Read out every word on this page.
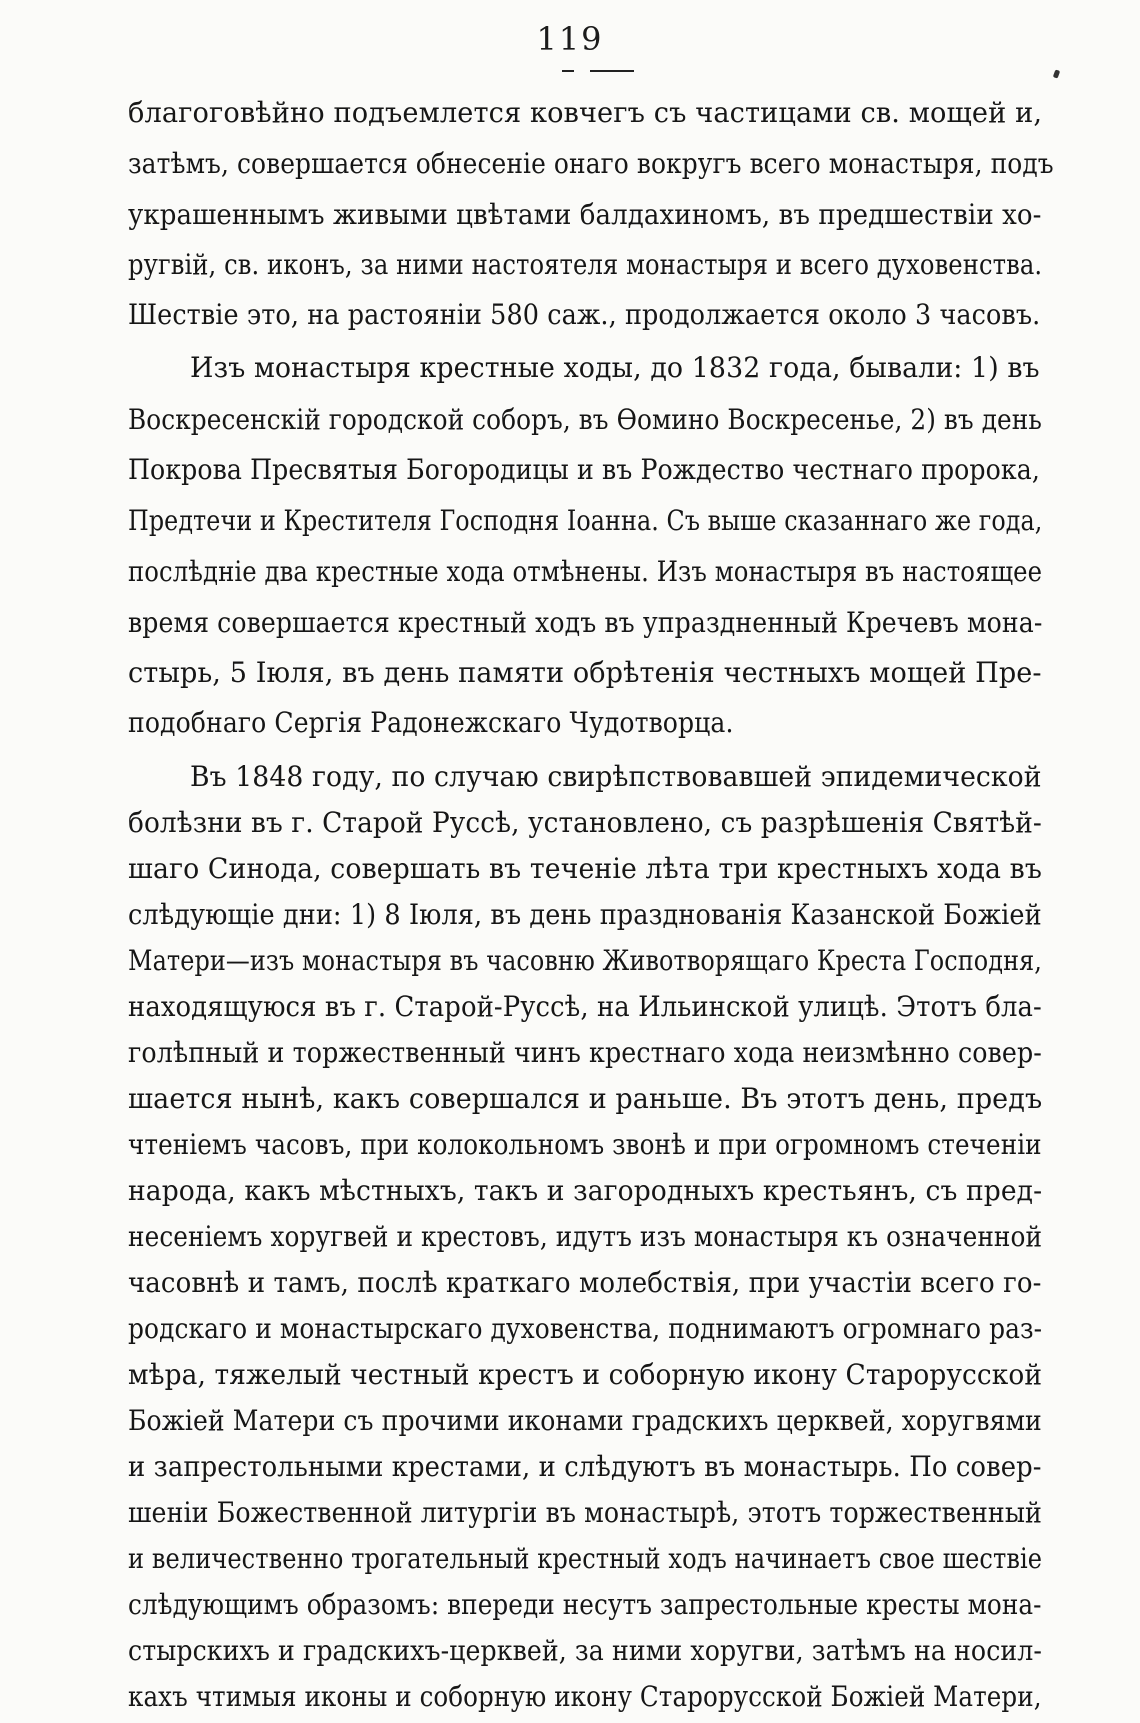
119
благоговѣйно подъемлется ковчегъ съ частицами св. мощей и,
затѣмъ, совершается обнесеніе онаго вокругъ всего монастыря, подъ
украшеннымъ живыми цвѣтами балдахиномъ, въ предшествіи хо-
ругвій, св. иконъ, за ними настоятеля монастыря и всего духовенства.
Шествіе это, на растояніи 580 саж., продолжается около 3 часовъ.
Изъ монастыря крестные ходы, до 1832 года, бывали: 1) въ
Воскресенскій городской соборъ, въ Ѳомино Воскресенье, 2) въ день
Покрова Пресвятыя Богородицы и въ Рождество честнаго пророка,
Предтечи и Крестителя Господня Іоанна. Съ выше сказаннаго же года,
послѣдніе два крестные хода отмѣнены. Изъ монастыря въ настоящее
время совершается крестный ходъ въ упраздненный Кречевъ мона-
стырь, 5 Іюля, въ день памяти обрѣтенія честныхъ мощей Пре-
подобнаго Сергія Радонежскаго Чудотворца.
Въ 1848 году, по случаю свирѣпствовавшей эпидемической
болѣзни въ г. Старой Руссѣ, установлено, съ разрѣшенія Святѣй-
шаго Синода, совершать въ теченіе лѣта три крестныхъ хода въ
слѣдующіе дни: 1) 8 Іюля, въ день празднованія Казанской Божіей
Матери—изъ монастыря въ часовню Животворящаго Креста Господня,
находящуюся въ г. Старой-Руссѣ, на Ильинской улицѣ. Этотъ бла-
голѣпный и торжественный чинъ крестнаго хода неизмѣнно совер-
шается нынѣ, какъ совершался и раньше. Въ этотъ день, предъ
чтеніемъ часовъ, при колокольномъ звонѣ и при огромномъ стеченіи
народа, какъ мѣстныхъ, такъ и загородныхъ крестьянъ, съ пред-
несеніемъ хоругвей и крестовъ, идутъ изъ монастыря къ означенной
часовнѣ и тамъ, послѣ краткаго молебствія, при участіи всего го-
родскаго и монастырскаго духовенства, поднимаютъ огромнаго раз-
мѣра, тяжелый честный крестъ и соборную икону Старорусской
Божіей Матери съ прочими иконами градскихъ церквей, хоругвями
и запрестольными крестами, и слѣдуютъ въ монастырь. По совер-
шеніи Божественной литургіи въ монастырѣ, этотъ торжественный
и величественно трогательный крестный ходъ начинаетъ свое шествіе
слѣдующимъ образомъ: впереди несутъ запрестольные кресты мона-
стырскихъ и градскихъ-церквей, за ними хоругви, затѣмъ на носил-
кахъ чтимыя иконы и соборную икону Старорусской Божіей Матери,
